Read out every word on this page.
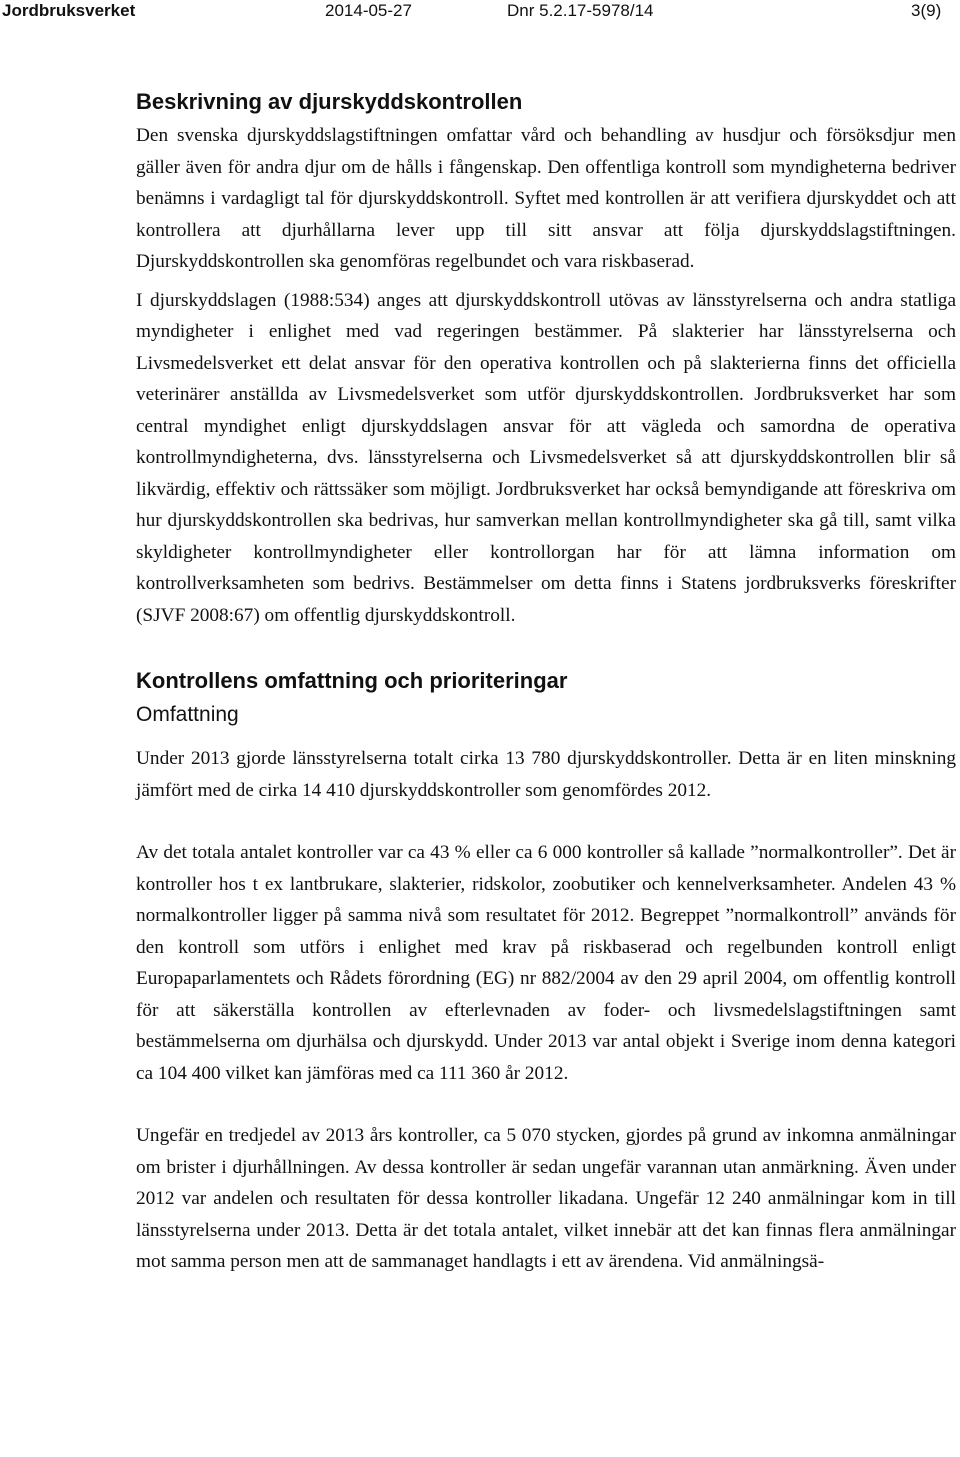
Jordbruksverket	2014-05-27	Dnr 5.2.17-5978/14	3(9)
Beskrivning av djurskyddskontrollen

Den svenska djurskyddslagstiftningen omfattar vård och behandling av husdjur och försöksdjur men gäller även för andra djur om de hålls i fångenskap. Den offentliga kontroll som myndigheterna bedriver benämns i vardagligt tal för djurskyddskontroll. Syftet med kontrollen är att verifiera djurskyddet och att kontrollera att djurhållarna lever upp till sitt ansvar att följa djurskyddslagstiftningen. Djurskyddskontrollen ska genomföras regelbundet och vara riskbaserad.

I djurskyddslagen (1988:534) anges att djurskyddskontroll utövas av länsstyrelserna och andra statliga myndigheter i enlighet med vad regeringen bestämmer. På slakterier har länsstyrelserna och Livsmedelsverket ett delat ansvar för den operativa kontrollen och på slakterierna finns det officiella veterinärer anställda av Livsmedelsverket som utför djurskyddskontrollen. Jordbruksverket har som central myndighet enligt djurskyddslagen ansvar för att vägleda och samordna de operativa kontrollmyndigheterna, dvs. länsstyrelserna och Livsmedelsverket så att djurskyddskontrollen blir så likvärdig, effektiv och rättssäker som möjligt. Jordbruksverket har också bemyndigande att föreskriva om hur djurskyddskontrollen ska bedrivas, hur samverkan mellan kontrollmyndigheter ska gå till, samt vilka skyldigheter kontrollmyndigheter eller kontrollorgan har för att lämna information om kontrollverksamheten som bedrivs. Bestämmelser om detta finns i Statens jordbruksverks föreskrifter (SJVF 2008:67) om offentlig djurskyddskontroll.

Kontrollens omfattning och prioriteringar
Omfattning

Under 2013 gjorde länsstyrelserna totalt cirka 13 780 djurskyddskontroller. Detta är en liten minskning jämfört med de cirka 14 410 djurskyddskontroller som genomfördes 2012.

Av det totala antalet kontroller var ca 43 % eller ca 6 000 kontroller så kallade ”normalkontroller”. Det är kontroller hos t ex lantbrukare, slakterier, ridskolor, zoobutiker och kennelverksamheter. Andelen 43 % normalkontroller ligger på samma nivå som resultatet för 2012. Begreppet ”normalkontroll” används för den kontroll som utförs i enlighet med krav på riskbaserad och regelbunden kontroll enligt Europaparlamentets och Rådets förordning (EG) nr 882/2004 av den 29 april 2004, om offentlig kontroll för att säkerställa kontrollen av efterlevnaden av foder- och livsmedelslagstiftningen samt bestämmelserna om djurhälsa och djurskydd. Under 2013 var antal objekt i Sverige inom denna kategori ca 104 400 vilket kan jämföras med ca 111 360 år 2012.

Ungefär en tredjedel av 2013 års kontroller, ca 5 070 stycken, gjordes på grund av inkomna anmälningar om brister i djurhållningen. Av dessa kontroller är sedan ungefär varannan utan anmärkning. Även under 2012 var andelen och resultaten för dessa kontroller likadana. Ungefär 12 240 anmälningar kom in till länsstyrelserna under 2013. Detta är det totala antalet, vilket innebär att det kan finnas flera anmälningar mot samma person men att de sammanaget handlagts i ett av ärendena. Vid anmälningsä-
